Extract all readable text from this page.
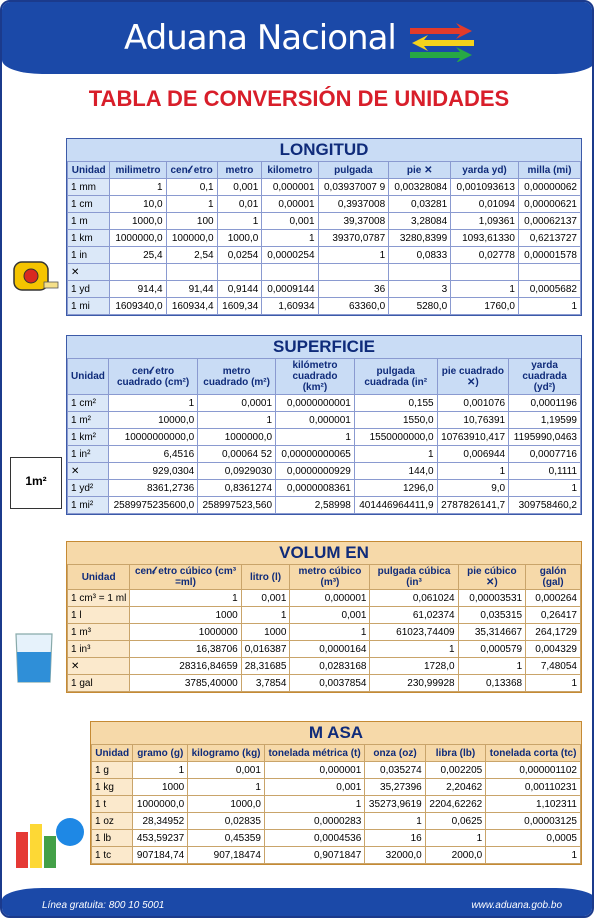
Aduana Nacional
TABLA DE CONVERSIÓN DE UNIDADES
LONGITUD
Unidad	milimetro	cen𝓁 etro	metro	kilometro	pulgada	pie ✕	yarda yd)	milla (mi)
1 mm	1	0,1	0,001	0,000001	0,03937007 9	0,00328084	0,001093613	0,00000062
1 cm	10,0	1	0,01	0,00001	0,3937008	0,03281	0,01094	0,00000621
1 m	1000,0	100	1	0,001	39,37008	3,28084	1,09361	0,00062137
1 km	1000000,0	100000,0	1000,0	1	39370,0787	3280,8399	1093,61330	0,6213727
1 in	25,4	2,54	0,0254	0,0000254	1	0,0833	0,02778	0,00001578
✕								
1 yd	914,4	91,44	0,9144	0,0009144	36	3	1	0,0005682
1 mi	1609340,0	160934,4	1609,34	1,60934	63360,0	5280,0	1760,0	1
SUPERFICIE
Unidad	cen𝓁 etro cuadrado (cm²)	metro cuadrado (m²)	kilómetro cuadrado (km²)	pulgada cuadrada (in²	pie cuadrado ✕)	yarda cuadrada (yd²)
1 cm²	1	0,0001	0,0000000001	0,155	0,001076	0,0001196
1 m²	10000,0	1	0,000001	1550,0	10,76391	1,19599
1 km²	10000000000,0	1000000,0	1	1550000000,0	10763910,417	1195990,0463
1 in²	6,4516	0,00064 52	0,00000000065	1	0,006944	0,0007716
✕	929,0304	0,0929030	0,0000000929	144,0	1	0,1111
1 yd²	8361,2736	0,8361274	0,0000008361	1296,0	9,0	1
1 mi²	2589975235600,0	258997523,560	2,58998	401446964411,9	2787826141,7	309758460,2
VOLUM EN
Unidad	cen𝓁 etro cúbico (cm³ =ml)	litro (l)	metro cúbico (m³)	pulgada cúbica (in³	pie cúbico ✕)	galón (gal)
1 cm³ = 1 ml	1	0,001	0,000001	0,061024	0,00003531	0,000264
1 l	1000	1	0,001	61,02374	0,035315	0,26417
1 m³	1000000	1000	1	61023,74409	35,314667	264,1729
1 in³	16,38706	0,016387	0,0000164	1	0,000579	0,004329
✕	28316,84659	28,31685	0,0283168	1728,0	1	7,48054
1 gal	3785,40000	3,7854	0,0037854	230,99928	0,13368	1
M ASA
Unidad	gramo (g)	kilogramo (kg)	tonelada métrica (t)	onza (oz)	libra (lb)	tonelada corta (tc)
1 g	1	0,001	0,000001	0,035274	0,002205	0,000001102
1 kg	1000	1	0,001	35,27396	2,20462	0,00110231
1 t	1000000,0	1000,0	1	35273,9619	2204,62262	1,102311
1 oz	28,34952	0,02835	0,0000283	1	0,0625	0,00003125
1 lb	453,59237	0,45359	0,0004536	16	1	0,0005
1 tc	907184,74	907,18474	0,9071847	32000,0	2000,0	1
1m²
Línea gratuita: 800 10 5001	www.aduana.gob.bo
